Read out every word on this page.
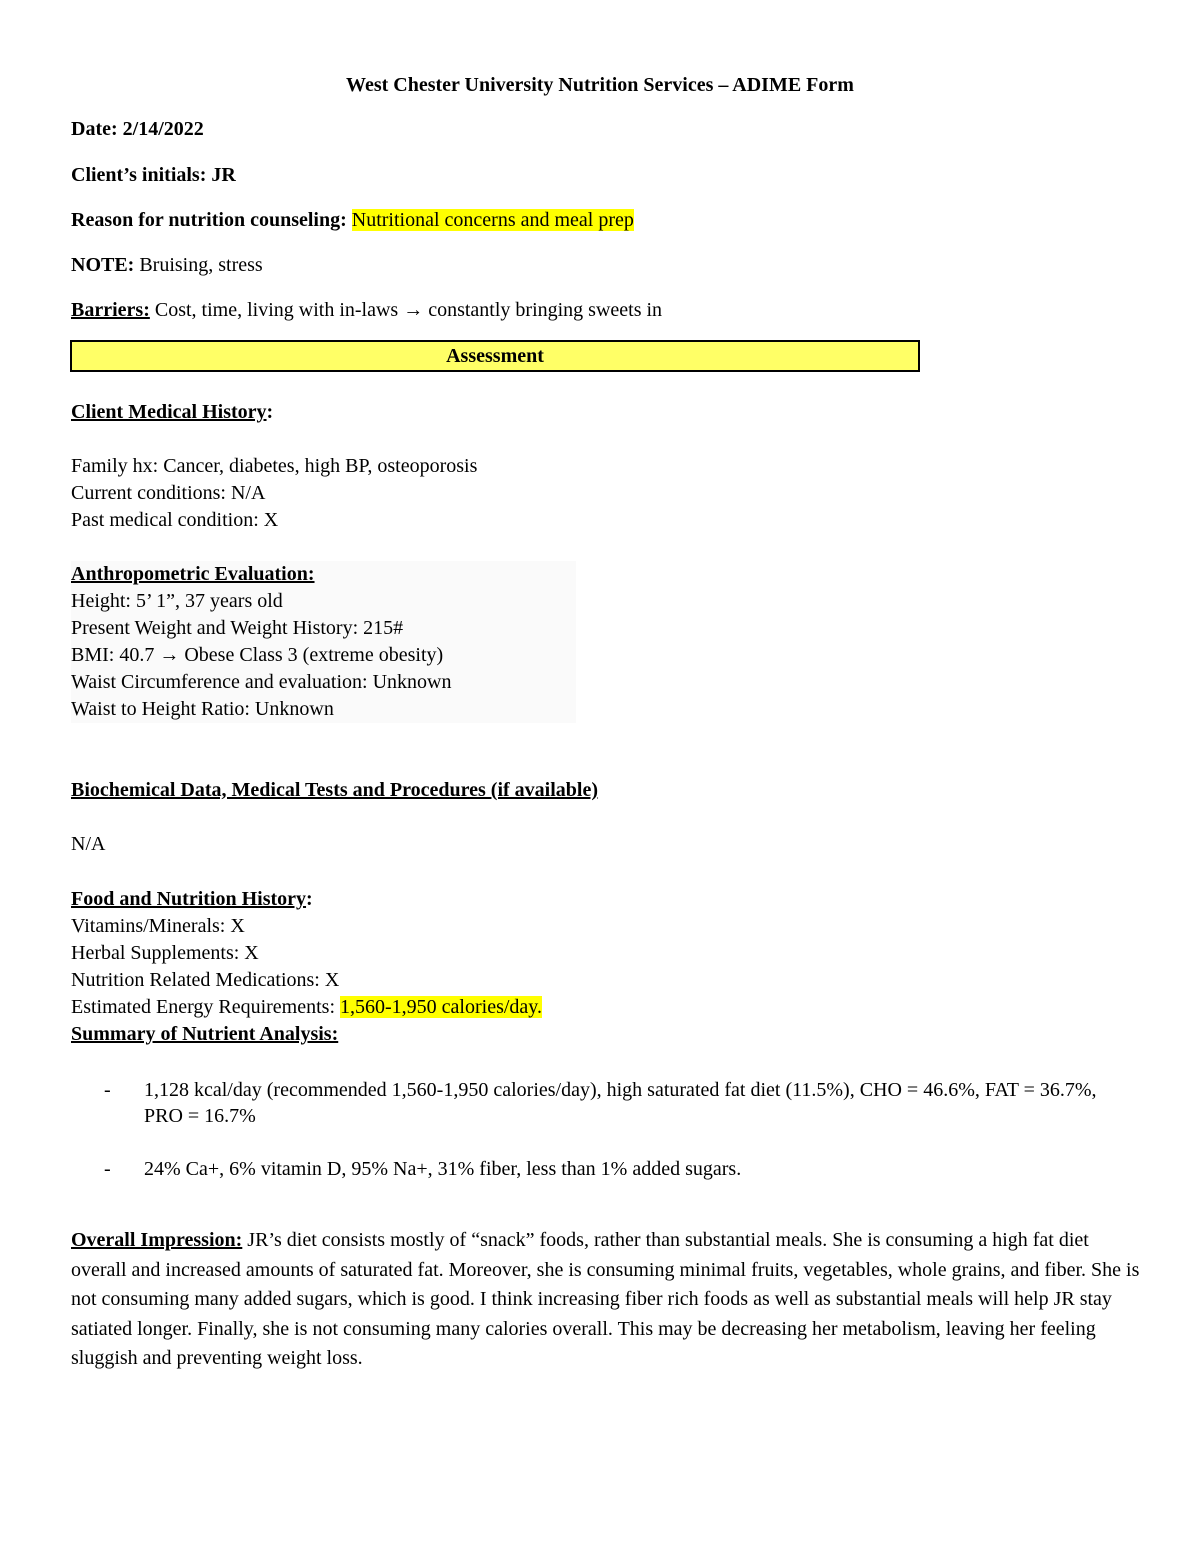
West Chester University Nutrition Services – ADIME Form
Date: 2/14/2022
Client’s initials: JR
Reason for nutrition counseling: Nutritional concerns and meal prep
NOTE: Bruising, stress
Barriers: Cost, time, living with in-laws → constantly bringing sweets in
Assessment
Client Medical History:
Family hx: Cancer, diabetes, high BP, osteoporosis
Current conditions: N/A
Past medical condition: X
Anthropometric Evaluation:
Height: 5’ 1”, 37 years old
Present Weight and Weight History: 215#
BMI: 40.7 → Obese Class 3 (extreme obesity)
Waist Circumference and evaluation: Unknown
Waist to Height Ratio: Unknown
Biochemical Data, Medical Tests and Procedures (if available)
N/A
Food and Nutrition History:
Vitamins/Minerals: X
Herbal Supplements: X
Nutrition Related Medications: X
Estimated Energy Requirements: 1,560-1,950 calories/day.
Summary of Nutrient Analysis:
- 1,128 kcal/day (recommended 1,560-1,950 calories/day), high saturated fat diet (11.5%), CHO = 46.6%, FAT = 36.7%, PRO = 16.7%
- 24% Ca+, 6% vitamin D, 95% Na+, 31% fiber, less than 1% added sugars.
Overall Impression: JR’s diet consists mostly of “snack” foods, rather than substantial meals. She is consuming a high fat diet overall and increased amounts of saturated fat. Moreover, she is consuming minimal fruits, vegetables, whole grains, and fiber. She is not consuming many added sugars, which is good. I think increasing fiber rich foods as well as substantial meals will help JR stay satiated longer. Finally, she is not consuming many calories overall. This may be decreasing her metabolism, leaving her feeling sluggish and preventing weight loss.
